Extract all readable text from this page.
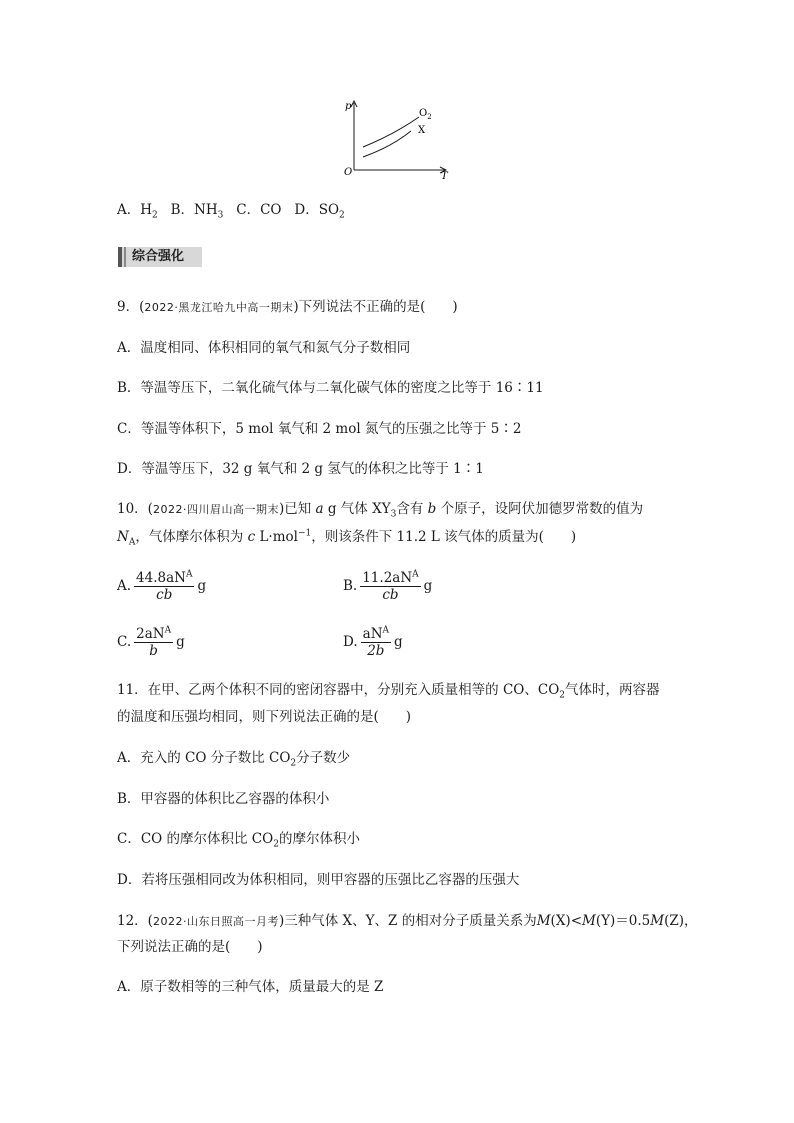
p
O	T
$O_2$
X
A．$H_2$ B．$NH_3$ C．CO D．$SO_2$
综合强化
9．(2022·黑龙江哈九中高一期末)下列说法不正确的是(　　)
A．温度相同、体积相同的氧气和氮气分子数相同
B．等温等压下，二氧化硫气体与二氧化碳气体的密度之比等于 16∶11
C．等温等体积下，5 mol 氧气和 2 mol 氮气的压强之比等于 5∶2
D．等温等压下，32 g 氧气和 2 g 氢气的体积之比等于 1∶1
10．(2022·四川眉山高一期末)已知 a g 气体 $XY_3$含有 b 个原子，设阿伏加德罗常数的值为
$N_A$，气体摩尔体积为 c L·mol$^{-1}$，则该条件下 11.2 L 该气体的质量为(　　)
A. $\frac{44.8aN^A}{cb}$ g	B. $\frac{11.2aN^A}{cb}$ g
C. $\frac{2aN^A}{b}$ g	D. $\frac{aN^A}{2b}$ g
11．在甲、乙两个体积不同的密闭容器中，分别充入质量相等的 CO、$CO_2$气体时，两容器
的温度和压强均相同，则下列说法正确的是(　　)
A．充入的 CO 分子数比 $CO_2$分子数少
B．甲容器的体积比乙容器的体积小
C．CO 的摩尔体积比 $CO_2$的摩尔体积小
D．若将压强相同改为体积相同，则甲容器的压强比乙容器的压强大
12．(2022·山东日照高一月考)三种气体 X、Y、Z 的相对分子质量关系为M(X)<M(Y)＝0.5M(Z)，
下列说法正确的是(　　)
A．原子数相等的三种气体，质量最大的是 Z
